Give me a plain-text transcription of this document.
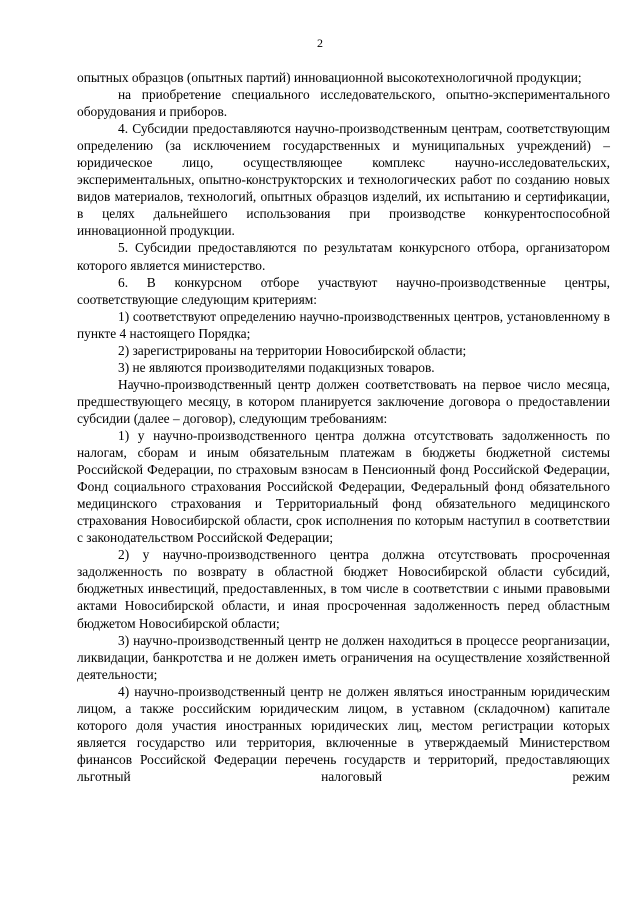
2

опытных образцов (опытных партий) инновационной высокотехнологичной продукции;

на приобретение специального исследовательского, опытно-экспериментального оборудования и приборов.

4. Субсидии предоставляются научно-производственным центрам, соответствующим определению (за исключением государственных и муниципальных учреждений) – юридическое лицо, осуществляющее комплекс научно-исследовательских, экспериментальных, опытно-конструкторских и технологических работ по созданию новых видов материалов, технологий, опытных образцов изделий, их испытанию и сертификации, в целях дальнейшего использования при производстве конкурентоспособной инновационной продукции.

5. Субсидии предоставляются по результатам конкурсного отбора, организатором которого является министерство.

6. В конкурсном отборе участвуют научно-производственные центры, соответствующие следующим критериям:

1) соответствуют определению научно-производственных центров, установленному в пункте 4 настоящего Порядка;

2) зарегистрированы на территории Новосибирской области;

3) не являются производителями подакцизных товаров.

Научно-производственный центр должен соответствовать на первое число месяца, предшествующего месяцу, в котором планируется заключение договора о предоставлении субсидии (далее – договор), следующим требованиям:

1) у научно-производственного центра должна отсутствовать задолженность по налогам, сборам и иным обязательным платежам в бюджеты бюджетной системы Российской Федерации, по страховым взносам в Пенсионный фонд Российской Федерации, Фонд социального страхования Российской Федерации, Федеральный фонд обязательного медицинского страхования и Территориальный фонд обязательного медицинского страхования Новосибирской области, срок исполнения по которым наступил в соответствии с законодательством Российской Федерации;

2) у научно-производственного центра должна отсутствовать просроченная задолженность по возврату в областной бюджет Новосибирской области субсидий, бюджетных инвестиций, предоставленных, в том числе в соответствии с иными правовыми актами Новосибирской области, и иная просроченная задолженность перед областным бюджетом Новосибирской области;

3) научно-производственный центр не должен находиться в процессе реорганизации, ликвидации, банкротства и не должен иметь ограничения на осуществление хозяйственной деятельности;

4) научно-производственный центр не должен являться иностранным юридическим лицом, а также российским юридическим лицом, в уставном (складочном) капитале которого доля участия иностранных юридических лиц, местом регистрации которых является государство или территория, включенные в утверждаемый Министерством финансов Российской Федерации перечень государств и территорий, предоставляющих льготный налоговый режим
